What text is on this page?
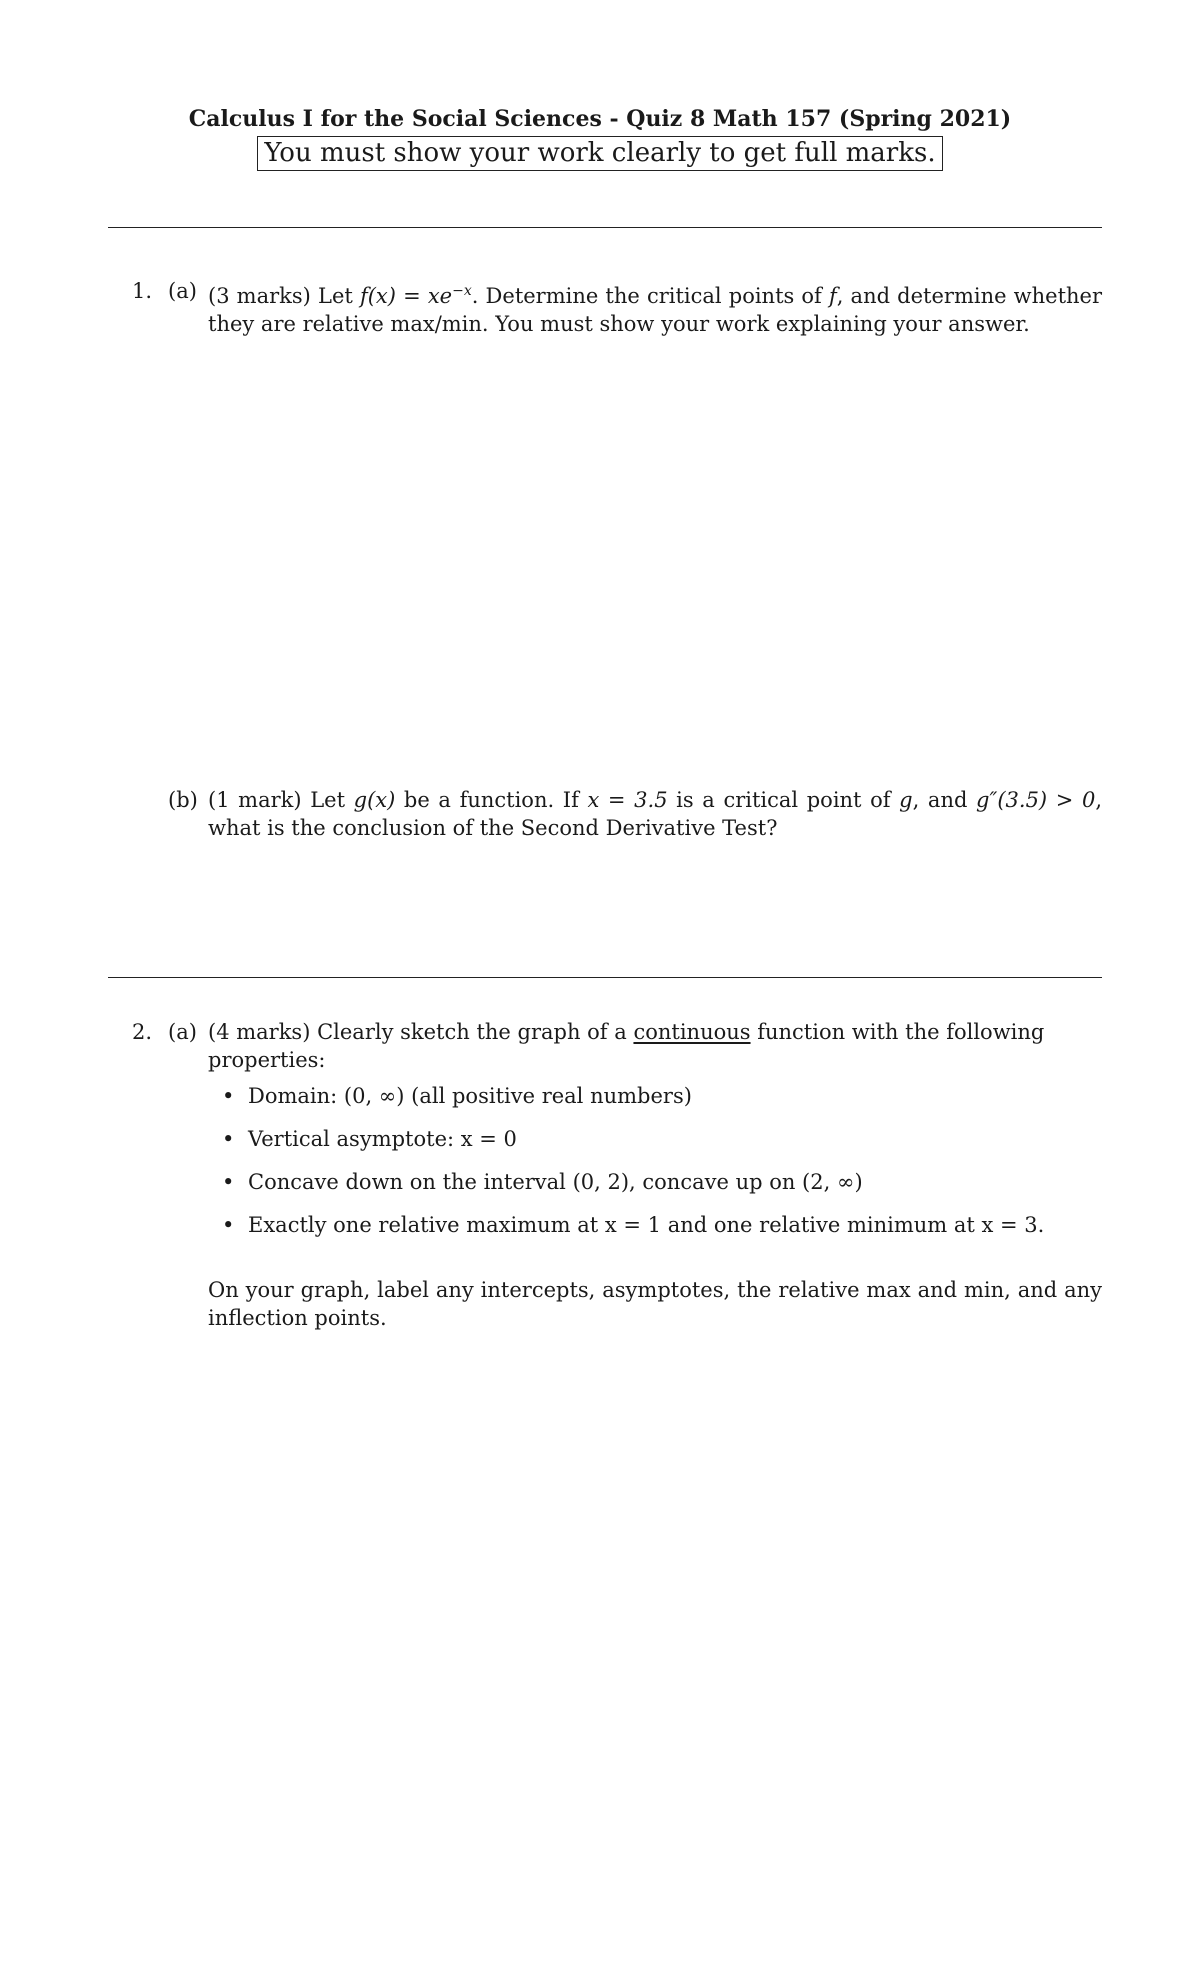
Calculus I for the Social Sciences - Quiz 8 Math 157 (Spring 2021)
You must show your work clearly to get full marks.
1. (a) (3 marks) Let $f(x) = xe^{-x}$. Determine the critical points of f, and determine whether they are relative max/min. You must show your work explaining your answer.
(b) (1 mark) Let g(x) be a function. If x = 3.5 is a critical point of g, and g″(3.5) > 0, what is the conclusion of the Second Derivative Test?
2. (a) (4 marks) Clearly sketch the graph of a continuous function with the following properties:
• Domain: (0, ∞) (all positive real numbers)
• Vertical asymptote: x = 0
• Concave down on the interval (0, 2), concave up on (2, ∞)
• Exactly one relative maximum at x = 1 and one relative minimum at x = 3.
On your graph, label any intercepts, asymptotes, the relative max and min, and any inflection points.
